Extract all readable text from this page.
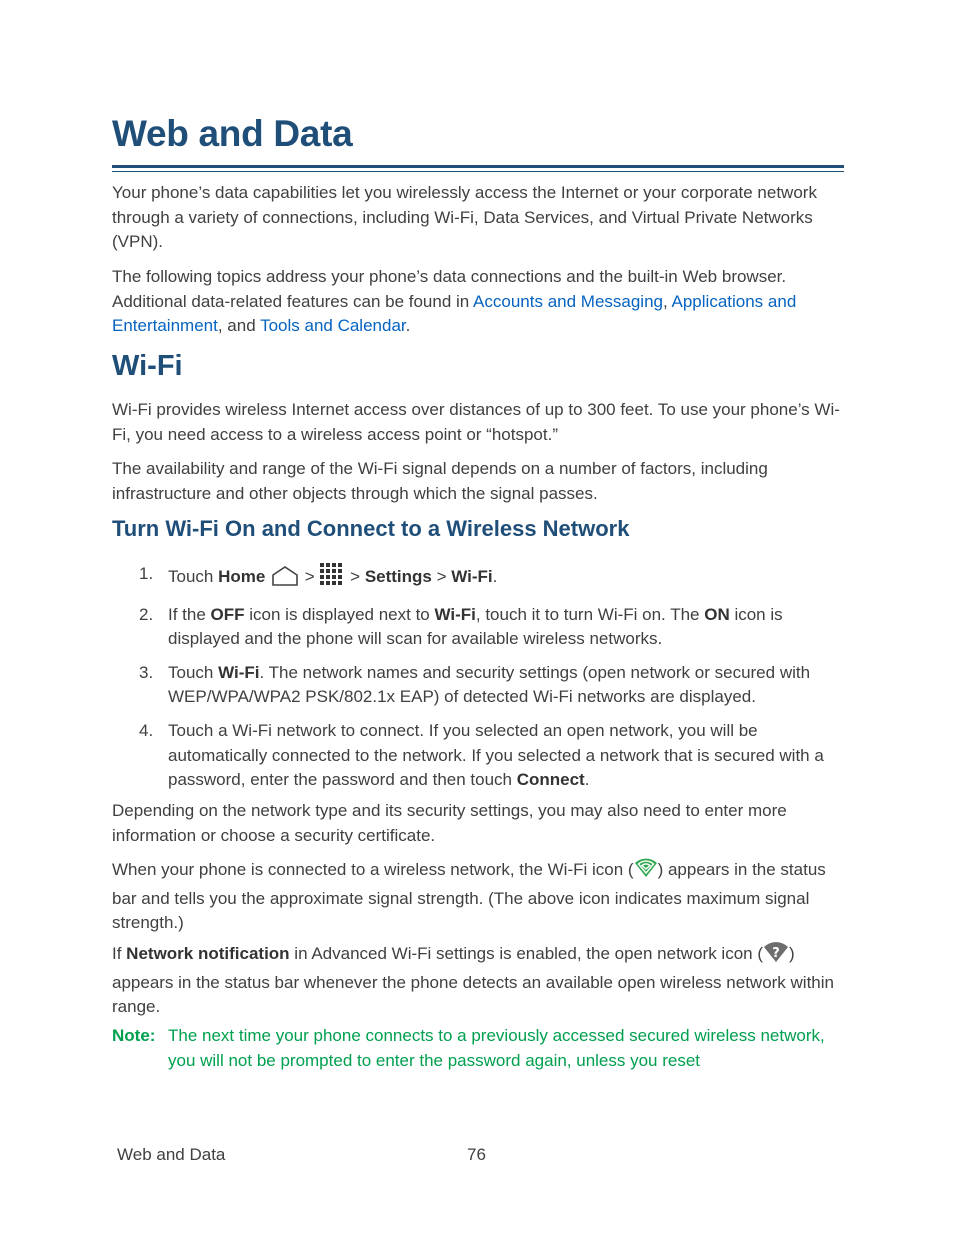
Web and Data

Your phone’s data capabilities let you wirelessly access the Internet or your corporate network through a variety of connections, including Wi-Fi, Data Services, and Virtual Private Networks (VPN).

The following topics address your phone’s data connections and the built-in Web browser. Additional data-related features can be found in Accounts and Messaging, Applications and Entertainment, and Tools and Calendar.

Wi-Fi

Wi-Fi provides wireless Internet access over distances of up to 300 feet. To use your phone’s Wi-Fi, you need access to a wireless access point or “hotspot.”

The availability and range of the Wi-Fi signal depends on a number of factors, including infrastructure and other objects through which the signal passes.

Turn Wi-Fi On and Connect to a Wireless Network
1. Touch Home  >  > Settings > Wi-Fi.
2. If the OFF icon is displayed next to Wi-Fi, touch it to turn Wi-Fi on. The ON icon is displayed and the phone will scan for available wireless networks.
3. Touch Wi-Fi. The network names and security settings (open network or secured with WEP/WPA/WPA2 PSK/802.1x EAP) of detected Wi-Fi networks are displayed.
4. Touch a Wi-Fi network to connect. If you selected an open network, you will be automatically connected to the network. If you selected a network that is secured with a password, enter the password and then touch Connect.

Depending on the network type and its security settings, you may also need to enter more information or choose a security certificate.

When your phone is connected to a wireless network, the Wi-Fi icon ( ) appears in the status bar and tells you the approximate signal strength. (The above icon indicates maximum signal strength.)

If Network notification in Advanced Wi-Fi settings is enabled, the open network icon ( ? ) appears in the status bar whenever the phone detects an available open wireless network within range.

Note: The next time your phone connects to a previously accessed secured wireless network, you will not be prompted to enter the password again, unless you reset
Web and Data	76
